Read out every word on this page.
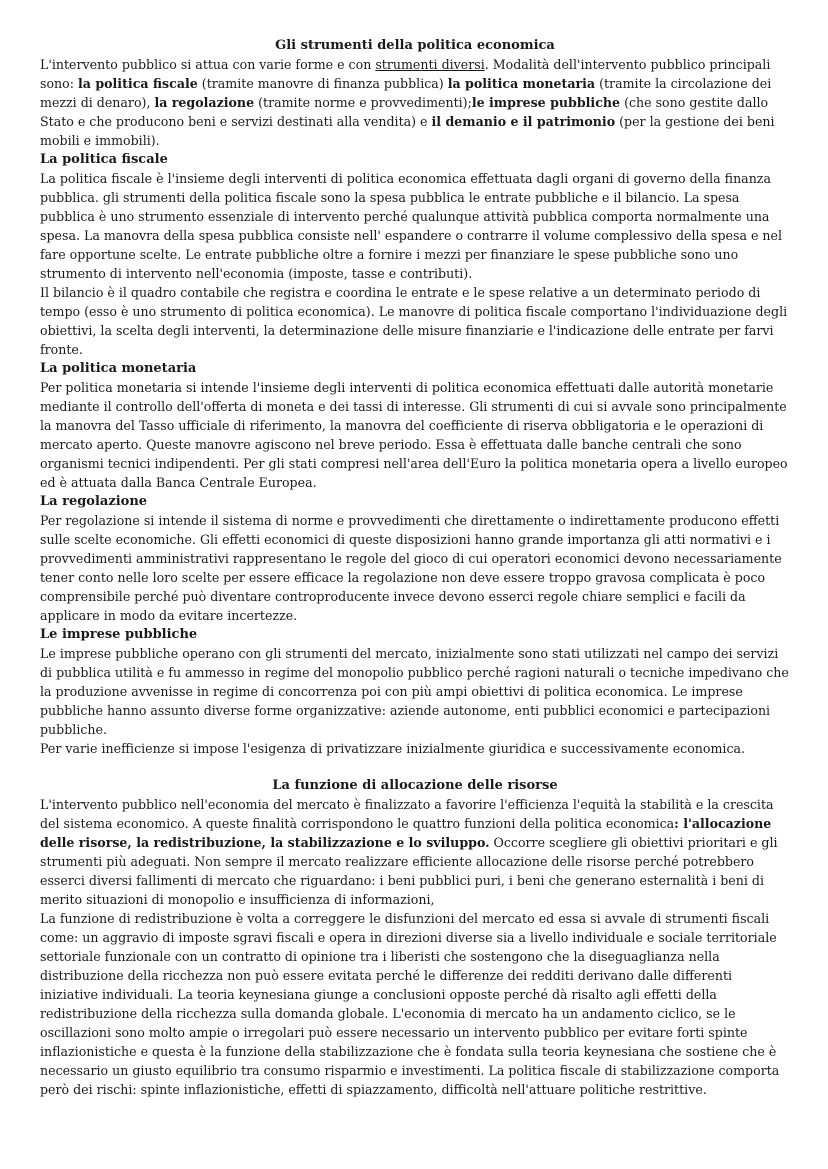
Gli strumenti della politica economica

L'intervento pubblico si attua con varie forme e con strumenti diversi. Modalità dell'intervento pubblico principali sono: la politica fiscale (tramite manovre di finanza pubblica) la politica monetaria (tramite la circolazione dei mezzi di denaro), la regolazione (tramite norme e provvedimenti);le imprese pubbliche (che sono gestite dallo Stato e che producono beni e servizi destinati alla vendita) e il demanio e il patrimonio (per la gestione dei beni mobili e immobili).

La politica fiscale

La politica fiscale è l'insieme degli interventi di politica economica effettuata dagli organi di governo della finanza pubblica. gli strumenti della politica fiscale sono la spesa pubblica le entrate pubbliche e il bilancio. La spesa pubblica è uno strumento essenziale di intervento perché qualunque attività pubblica comporta normalmente una spesa. La manovra della spesa pubblica consiste nell' espandere o contrarre il volume complessivo della spesa e nel fare opportune scelte. Le entrate pubbliche oltre a fornire i mezzi per finanziare le spese pubbliche sono uno strumento di intervento nell'economia (imposte, tasse e contributi).

Il bilancio è il quadro contabile che registra e coordina le entrate e le spese relative a un determinato periodo di tempo (esso è uno strumento di politica economica). Le manovre di politica fiscale comportano l'individuazione degli obiettivi, la scelta degli interventi, la determinazione delle misure finanziarie e l'indicazione delle entrate per farvi fronte.

La politica monetaria

Per politica monetaria si intende l'insieme degli interventi di politica economica effettuati dalle autorità monetarie mediante il controllo dell'offerta di moneta e dei tassi di interesse. Gli strumenti di cui si avvale sono principalmente la manovra del Tasso ufficiale di riferimento, la manovra del coefficiente di riserva obbligatoria e le operazioni di mercato aperto. Queste manovre agiscono nel breve periodo. Essa è effettuata dalle banche centrali che sono organismi tecnici indipendenti. Per gli stati compresi nell'area dell'Euro la politica monetaria opera a livello europeo ed è attuata dalla Banca Centrale Europea.

La regolazione

Per regolazione si intende il sistema di norme e provvedimenti che direttamente o indirettamente producono effetti sulle scelte economiche. Gli effetti economici di queste disposizioni hanno grande importanza gli atti normativi e i provvedimenti amministrativi rappresentano le regole del gioco di cui operatori economici devono necessariamente tener conto nelle loro scelte per essere efficace la regolazione non deve essere troppo gravosa complicata è poco comprensibile perché può diventare controproducente invece devono esserci regole chiare semplici e facili da applicare in modo da evitare incertezze.

Le imprese pubbliche

Le imprese pubbliche operano con gli strumenti del mercato, inizialmente sono stati utilizzati nel campo dei servizi di pubblica utilità e fu ammesso in regime del monopolio pubblico perché ragioni naturali o tecniche impedivano che la produzione avvenisse in regime di concorrenza poi con più ampi obiettivi di politica economica. Le imprese pubbliche hanno assunto diverse forme organizzative: aziende autonome, enti pubblici economici e partecipazioni pubbliche.

Per varie inefficienze si impose l'esigenza di privatizzare inizialmente giuridica e successivamente economica.

La funzione di allocazione delle risorse

L'intervento pubblico nell'economia del mercato è finalizzato a favorire l'efficienza l'equità la stabilità e la crescita del sistema economico. A queste finalità corrispondono le quattro funzioni della politica economica: l'allocazione delle risorse, la redistribuzione, la stabilizzazione e lo sviluppo. Occorre scegliere gli obiettivi prioritari e gli strumenti più adeguati. Non sempre il mercato realizzare efficiente allocazione delle risorse perché potrebbero esserci diversi fallimenti di mercato che riguardano: i beni pubblici puri, i beni che generano esternalità i beni di merito situazioni di monopolio e insufficienza di informazioni,

La funzione di redistribuzione è volta a correggere le disfunzioni del mercato ed essa si avvale di strumenti fiscali come: un aggravio di imposte sgravi fiscali e opera in direzioni diverse sia a livello individuale e sociale territoriale settoriale funzionale con un contratto di opinione tra i liberisti che sostengono che la diseguaglianza nella distribuzione della ricchezza non può essere evitata perché le differenze dei redditi derivano dalle differenti iniziative individuali. La teoria keynesiana giunge a conclusioni opposte perché dà risalto agli effetti della redistribuzione della ricchezza sulla domanda globale. L'economia di mercato ha un andamento ciclico, se le oscillazioni sono molto ampie o irregolari può essere necessario un intervento pubblico per evitare forti spinte inflazionistiche e questa è la funzione della stabilizzazione che è fondata sulla teoria keynesiana che sostiene che è necessario un giusto equilibrio tra consumo risparmio e investimenti. La politica fiscale di stabilizzazione comporta però dei rischi: spinte inflazionistiche, effetti di spiazzamento, difficoltà nell'attuare politiche restrittive.
